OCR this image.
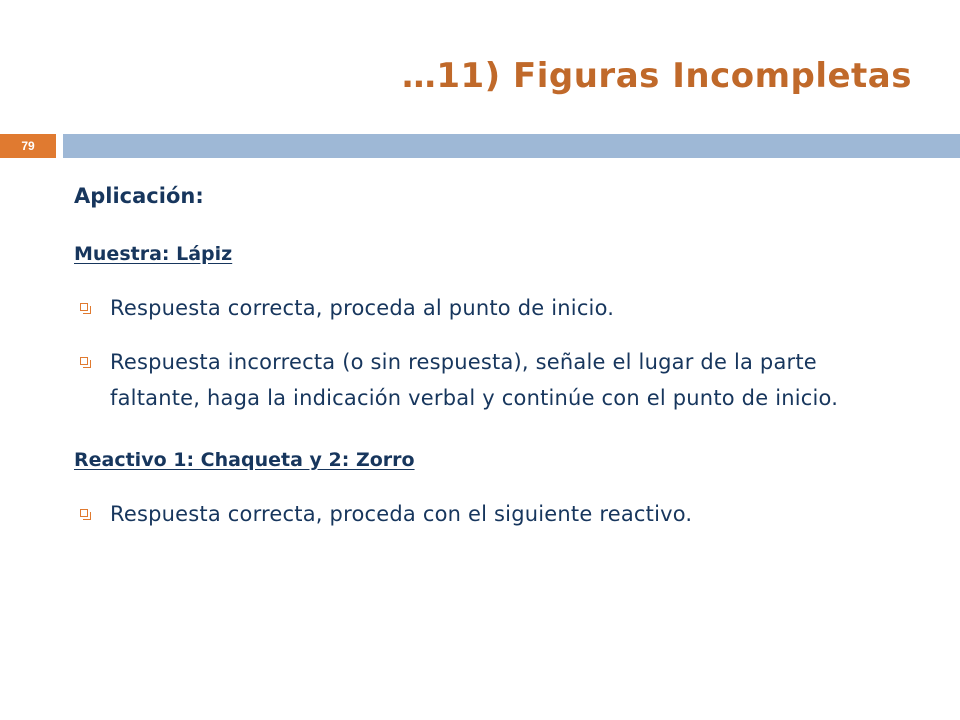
…11) Figuras Incompletas
79

Aplicación:

Muestra: Lápiz

Respuesta correcta, proceda al punto de inicio.

Respuesta incorrecta (o sin respuesta), señale el lugar de la parte faltante, haga la indicación verbal y continúe con el punto de inicio.

Reactivo 1: Chaqueta y 2: Zorro

Respuesta correcta, proceda con el siguiente reactivo.
